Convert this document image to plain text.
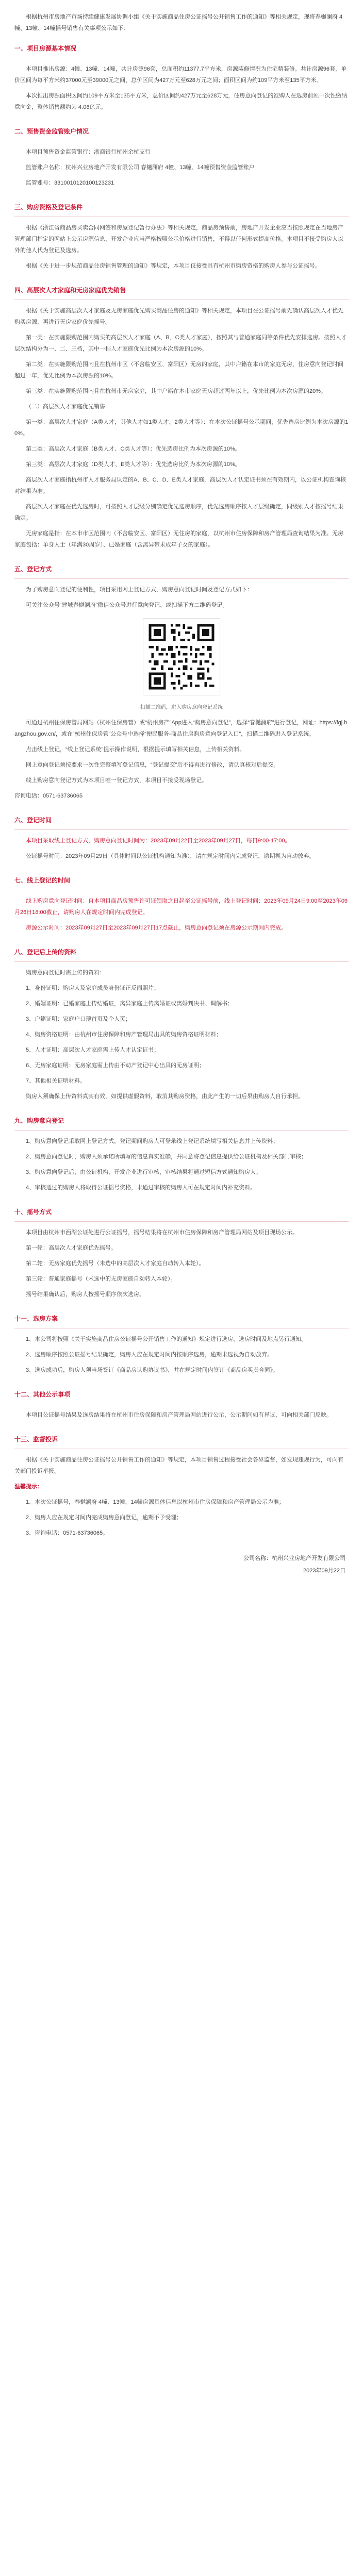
根据杭州市房地产市场持续健康发展协调小组《关于实施商品住房公证摇号公开销售工作的通知》等相关规定，现将春樾澜府 4幢、13幢、14幢摇号销售有关事项公示如下：
一、项目房源基本情况
本项目推出房源：4幢、13幢、14幢，共计房源96套，总面积约11377.7平方米，房源装修情况为住宅精装修。共计房源96套，单价区间为每平方米约37000元至39000元之间，总价区间为427万元至628万元之间；面积区间为约109平方米至135平方米。
本次推出房源面积区间约109平方米至135平方米，总价区间约427万元至628万元，住房意向登记的准购人在选房前须一次性缴纳意向金，整体销售额约为 4.06亿元。
二、预售资金监管账户情况
本项目预售资金监管银行：浙商银行杭州余杭支行
监管账户名称：杭州兴业房地产开发有限公司 春樾澜府 4幢、13幢、14幢预售资金监管账户
监管账号：3310010120100123231
三、购房资格及登记条件
根据《浙江省商品房买卖合同网签和房屋登记暂行办法》等相关规定，商品房预售前，房地产开发企业应当按照规定在当地房产管理部门指定的网站上公示房源信息，开发企业应当严格按照公示价格进行销售，不得以任何形式提高价格。本项目不接受购房人以外的他人代为登记及选房。
根据《关于进一步规范商品住房销售管理的通知》等规定，本项目仅接受具有杭州市购房资格的购房人参与公证摇号。
四、高层次人才家庭和无房家庭优先销售
根据《关于实施高层次人才家庭及无房家庭优先购买商品住房的通知》等相关规定，本项目在公证摇号前先确认高层次人才优先购买房源，再进行无房家庭优先摇号。
第一类：在实施限购范围内购买的高层次人才家庭（A、B、C类人才家庭），按照其与普通家庭同等条件优先安排选房。按照人才层次结构分为一、二、三档，其中一档人才家庭优先比例为本次房源的10%。
第二类：在实施限购范围内且在杭州市区（不含临安区、富阳区）无房的家庭，其中户籍在本市的家庭无房，住房意向登记时间超过一年，优先比例为本次房源的10%。
第三类：在实施限购范围内且在杭州市无房家庭，其中户籍在本市家庭无房超过两年以上，优先比例为本次房源的20%。
（二）高层次人才家庭优先销售
第一类：高层次人才家庭（A类人才，其他人才如1类人才、2类人才等）：在本次公证摇号公示期间，优先选房比例为本次房源的10%。
第二类：高层次人才家庭（B类人才、C类人才等）：优先选房比例为本次房源的10%。
第三类：高层次人才家庭（D类人才、E类人才等）：优先选房比例为本次房源的10%。
高层次人才家庭指杭州市人才服务局认定的A、B、C、D、E类人才家庭，高层次人才认定证书须在有效期内，以公证机构查询核对结果为准。
高层次人才家庭在优先选房时，可按照人才层级分别确定优先选房顺序，优先选房顺序按人才层级确定，同级别人才按摇号结果确定。
无房家庭是指：在本市市区范围内（不含临安区、富阳区）无住房的家庭，以杭州市住房保障和房产管理局查询结果为准。无房家庭包括：单身人士（年满30周岁）、已婚家庭（含离异带未成年子女的家庭）。
五、登记方式
为了购房意向登记的便利性，项目采用网上登记方式，购房意向登记时间及登记方式如下：
可关注公众号“建城春樾澜府”微信公众号进行意向登记，或扫描下方二维码登记。
扫描二维码，进入购房意向登记系统
可通过杭州住保房管局网站（杭州住保房管）或“杭州房产”App进入“购房意向登记”，选择“春樾澜府”进行登记，网址：https://fgj.hangzhou.gov.cn/，或在“杭州住保房管”公众号中选择“便民服务-商品住房购房意向登记入口”，扫描二维码进入登记系统。
点击线上登记，“线上登记系统”提示操作说明，根据提示填写相关信息，上传相关资料。
网上意向登记须按要求一次性完整填写登记信息，“登记提交”后不得再进行修改，请认真核对后提交。
线上购房意向登记方式为本项目唯一登记方式，本项目不接受现场登记。
咨询电话：0571-63736065
六、登记时间
本项目采取线上登记方式，购房意向登记时间为：2023年09月22日至2023年09月27日，每日9:00-17:00。
公证摇号时间：2023年09月29日（具体时间以公证机构通知为准），请在规定时间内完成登记，逾期视为自动放弃。
七、线上登记的时间
线上购房意向登记时间：自本项目商品房预售许可证领取之日起至公证摇号前，线上登记时间：2023年09月24日9:00至2023年09月26日18:00截止，请购房人在规定时间内完成登记。
房源公示时间：2023年09月27日至2023年09月27日17点截止，购房意向登记须在房源公示期间内完成。
八、登记后上传的资料
购房意向登记时需上传的资料：
1、身份证明：购房人及家庭成员身份证正反面照片；
2、婚姻证明：已婚家庭上传结婚证，离异家庭上传离婚证或离婚判决书、调解书；
3、户籍证明：家庭户口簿首页及个人页；
4、购房资格证明：由杭州市住房保障和房产管理局出具的购房资格证明材料；
5、人才证明：高层次人才家庭需上传人才认定证书；
6、无房家庭证明：无房家庭需上传由不动产登记中心出具的无房证明；
7、其他相关证明材料。
购房人须确保上传资料真实有效，如提供虚假资料，取消其购房资格，由此产生的一切后果由购房人自行承担。
九、购房意向登记
1、购房意向登记采取网上登记方式，登记期间购房人可登录线上登记系统填写相关信息并上传资料；
2、购房意向登记时，购房人须承诺所填写的信息真实准确，并同意将登记信息提供给公证机构及相关部门审核；
3、购房意向登记后，由公证机构、开发企业进行审核，审核结果将通过短信方式通知购房人；
4、审核通过的购房人将取得公证摇号资格，未通过审核的购房人可在规定时间内补充资料。
十、摇号方式
本项目由杭州市西湖公证处进行公证摇号，摇号结果将在杭州市住房保障和房产管理局网站及项目现场公示。
第一轮：高层次人才家庭优先摇号。
第二轮：无房家庭优先摇号（未选中的高层次人才家庭自动转入本轮）。
第三轮：普通家庭摇号（未选中的无房家庭自动转入本轮）。
摇号结果确认后，购房人按摇号顺序依次选房。
十一、选房方案
1、本公司将按照《关于实施商品住房公证摇号公开销售工作的通知》规定进行选房，选房时间及地点另行通知。
2、选房顺序按照公证摇号结果确定，购房人应在规定时间内按顺序选房，逾期未选视为自动放弃。
3、选房成功后，购房人须当场签订《商品房认购协议书》，并在规定时间内签订《商品房买卖合同》。
十二、其他公示事项
本项目公证摇号结果及选房结果将在杭州市住房保障和房产管理局网站进行公示，公示期间如有异议，可向相关部门反映。
十三、监督投诉
根据《关于实施商品住房公证摇号公开销售工作的通知》等规定，本项目销售过程接受社会各界监督，如发现违规行为，可向有关部门投诉举报。
温馨提示：
1、本次公证摇号，春樾澜府 4幢、13幢、14幢房源具体信息以杭州市住房保障和房产管理局公示为准；
2、购房人应在规定时间内完成购房意向登记，逾期不予受理；
3、咨询电话：0571-63736065。
公司名称：杭州兴业房地产开发有限公司
2023年09月22日
